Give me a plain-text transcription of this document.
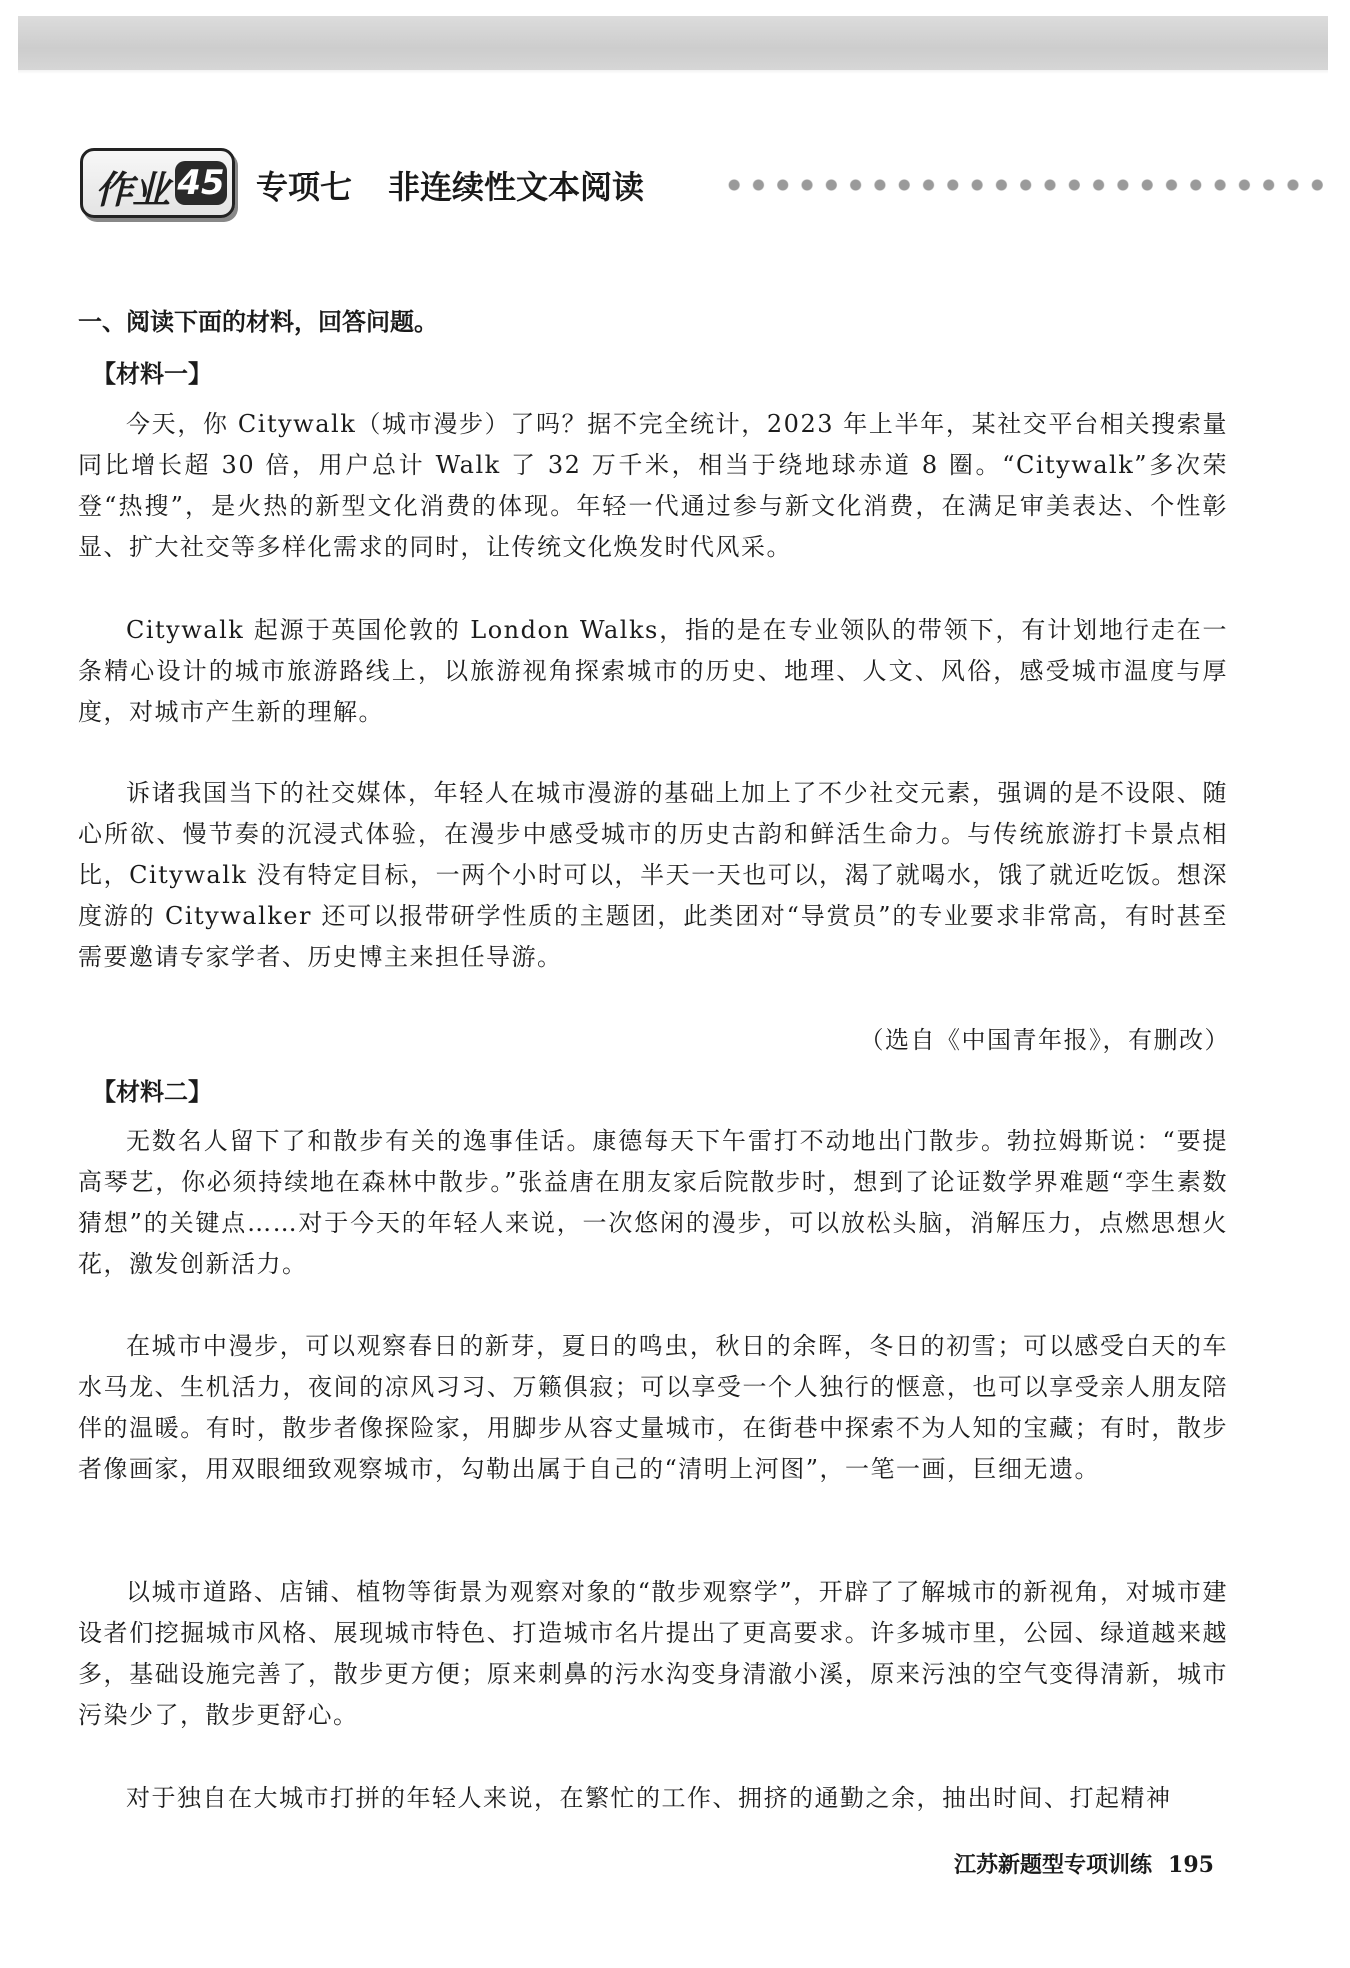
作业 45 专项七 非连续性文本阅读
一、阅读下面的材料，回答问题。
【材料一】

今天，你 Citywalk（城市漫步）了吗？据不完全统计，2023 年上半年，某社交平台相关搜索量同比增长超 30 倍，用户总计 Walk 了 32 万千米，相当于绕地球赤道 8 圈。“Citywalk”多次荣登“热搜”，是火热的新型文化消费的体现。年轻一代通过参与新文化消费，在满足审美表达、个性彰显、扩大社交等多样化需求的同时，让传统文化焕发时代风采。

Citywalk 起源于英国伦敦的 London Walks，指的是在专业领队的带领下，有计划地行走在一条精心设计的城市旅游路线上，以旅游视角探索城市的历史、地理、人文、风俗，感受城市温度与厚度，对城市产生新的理解。

诉诸我国当下的社交媒体，年轻人在城市漫游的基础上加上了不少社交元素，强调的是不设限、随心所欲、慢节奏的沉浸式体验，在漫步中感受城市的历史古韵和鲜活生命力。与传统旅游打卡景点相比，Citywalk 没有特定目标，一两个小时可以，半天一天也可以，渴了就喝水，饿了就近吃饭。想深度游的 Citywalker 还可以报带研学性质的主题团，此类团对“导赏员”的专业要求非常高，有时甚至需要邀请专家学者、历史博主来担任导游。

（选自《中国青年报》，有删改）
【材料二】

无数名人留下了和散步有关的逸事佳话。康德每天下午雷打不动地出门散步。勃拉姆斯说：“要提高琴艺，你必须持续地在森林中散步。”张益唐在朋友家后院散步时，想到了论证数学界难题“孪生素数猜想”的关键点……对于今天的年轻人来说，一次悠闲的漫步，可以放松头脑，消解压力，点燃思想火花，激发创新活力。

在城市中漫步，可以观察春日的新芽，夏日的鸣虫，秋日的余晖，冬日的初雪；可以感受白天的车水马龙、生机活力，夜间的凉风习习、万籁俱寂；可以享受一个人独行的惬意，也可以享受亲人朋友陪伴的温暖。有时，散步者像探险家，用脚步从容丈量城市，在街巷中探索不为人知的宝藏；有时，散步者像画家，用双眼细致观察城市，勾勒出属于自己的“清明上河图”，一笔一画，巨细无遗。

以城市道路、店铺、植物等街景为观察对象的“散步观察学”，开辟了了解城市的新视角，对城市建设者们挖掘城市风格、展现城市特色、打造城市名片提出了更高要求。许多城市里，公园、绿道越来越多，基础设施完善了，散步更方便；原来刺鼻的污水沟变身清澈小溪，原来污浊的空气变得清新，城市污染少了，散步更舒心。

对于独自在大城市打拼的年轻人来说，在繁忙的工作、拥挤的通勤之余，抽出时间、打起精神

江苏新题型专项训练 195
